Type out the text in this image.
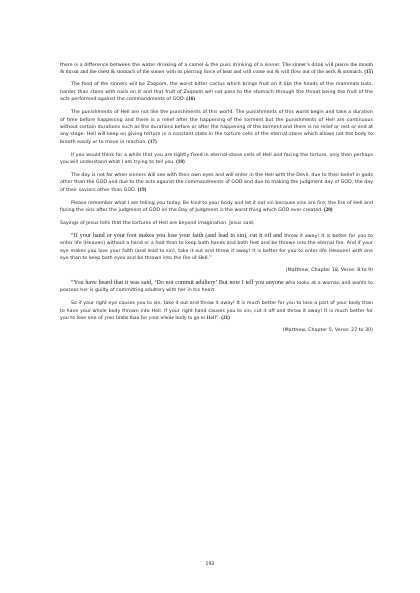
there is a difference between the water drinking of a camel & the puss drinking of a sinner. The sinner’s drink will pierce the mouth & throat and the chest & stomach of the sinner with its piercing force of heat and will come out & will flow out of the neck & stomach. (15)

The food of the sinners will be Zaqoom, the worst bitter cactus which brings fruit on it like the heads of the mammals bats, harder than stone with nails on it and that fruit of Zaqoom will not pass to the stomach through the throat being the fruit of the acts performed against the commandments of GOD. (16)

The punishments of Hell are not like the punishments of this world. The punishments of this world begin and take a duration of time before happening and there is a relief after the happening of the torment but the punishments of Hell are continuous without certain durations such as the durations before or after the happening of the torment and there is no relief or rest or end at any stage. Hell will keep on giving torture in a constant state in the torture cells of the eternal-stone which allows not the body to breath easily or to move in reaction. (17)

If you would think for a while that you are tightly fixed in eternal-stone cells of Hell and facing the torture, only then perhaps you will understand what I am trying to tell you. (18)

The day is not far when sinners will see with their own eyes and will enter in the Hell with the Devil, due to their belief in gods other than the GOD and due to the acts against the commandments of GOD and due to making the Judgment day of GOD, the day of their saviors other than GOD. (19)

Please remember what I am telling you today. Be kind to your body and let it not sin because sins are fire; the fire of Hell and facing the sins after the judgment of GOD on the Day of Judgment is the worst thing which GOD ever created. (20)

Sayings of Jesus tells that the tortures of Hell are beyond imagination. Jesus said,

“If your hand or your foot makes you lose your faith (and lead to sin), cut it off and throw it away! It is better for you to enter life (Heaven) without a hand or a foot than to keep both hands and both feet and be thrown into the eternal fire. And if your eye makes you lose your faith (and lead to sin), take it out and throw it away! It is better for you to enter life (Heaven) with one eye than to keep both eyes and be thrown into the fire of Hell.”

(Matthew, Chapter 18, Verse: 8 to 9)

“You have heard that it was said, ‘Do not commit adultery’ But now I tell you anyone who looks at a woman and wants to possess her is guilty of committing adultery with her in his heart.

So if your right eye causes you to sin, take it out and throw it away! It is much better for you to lose a part of your body than to have your whole body thrown into Hell. If your right hand causes you to sin, cut it off and throw it away! It is much better for you to lose one of your limbs than for your whole body to go to Hell”. (21)

(Matthew, Chapter 5, Verse: 27 to 30)

192
